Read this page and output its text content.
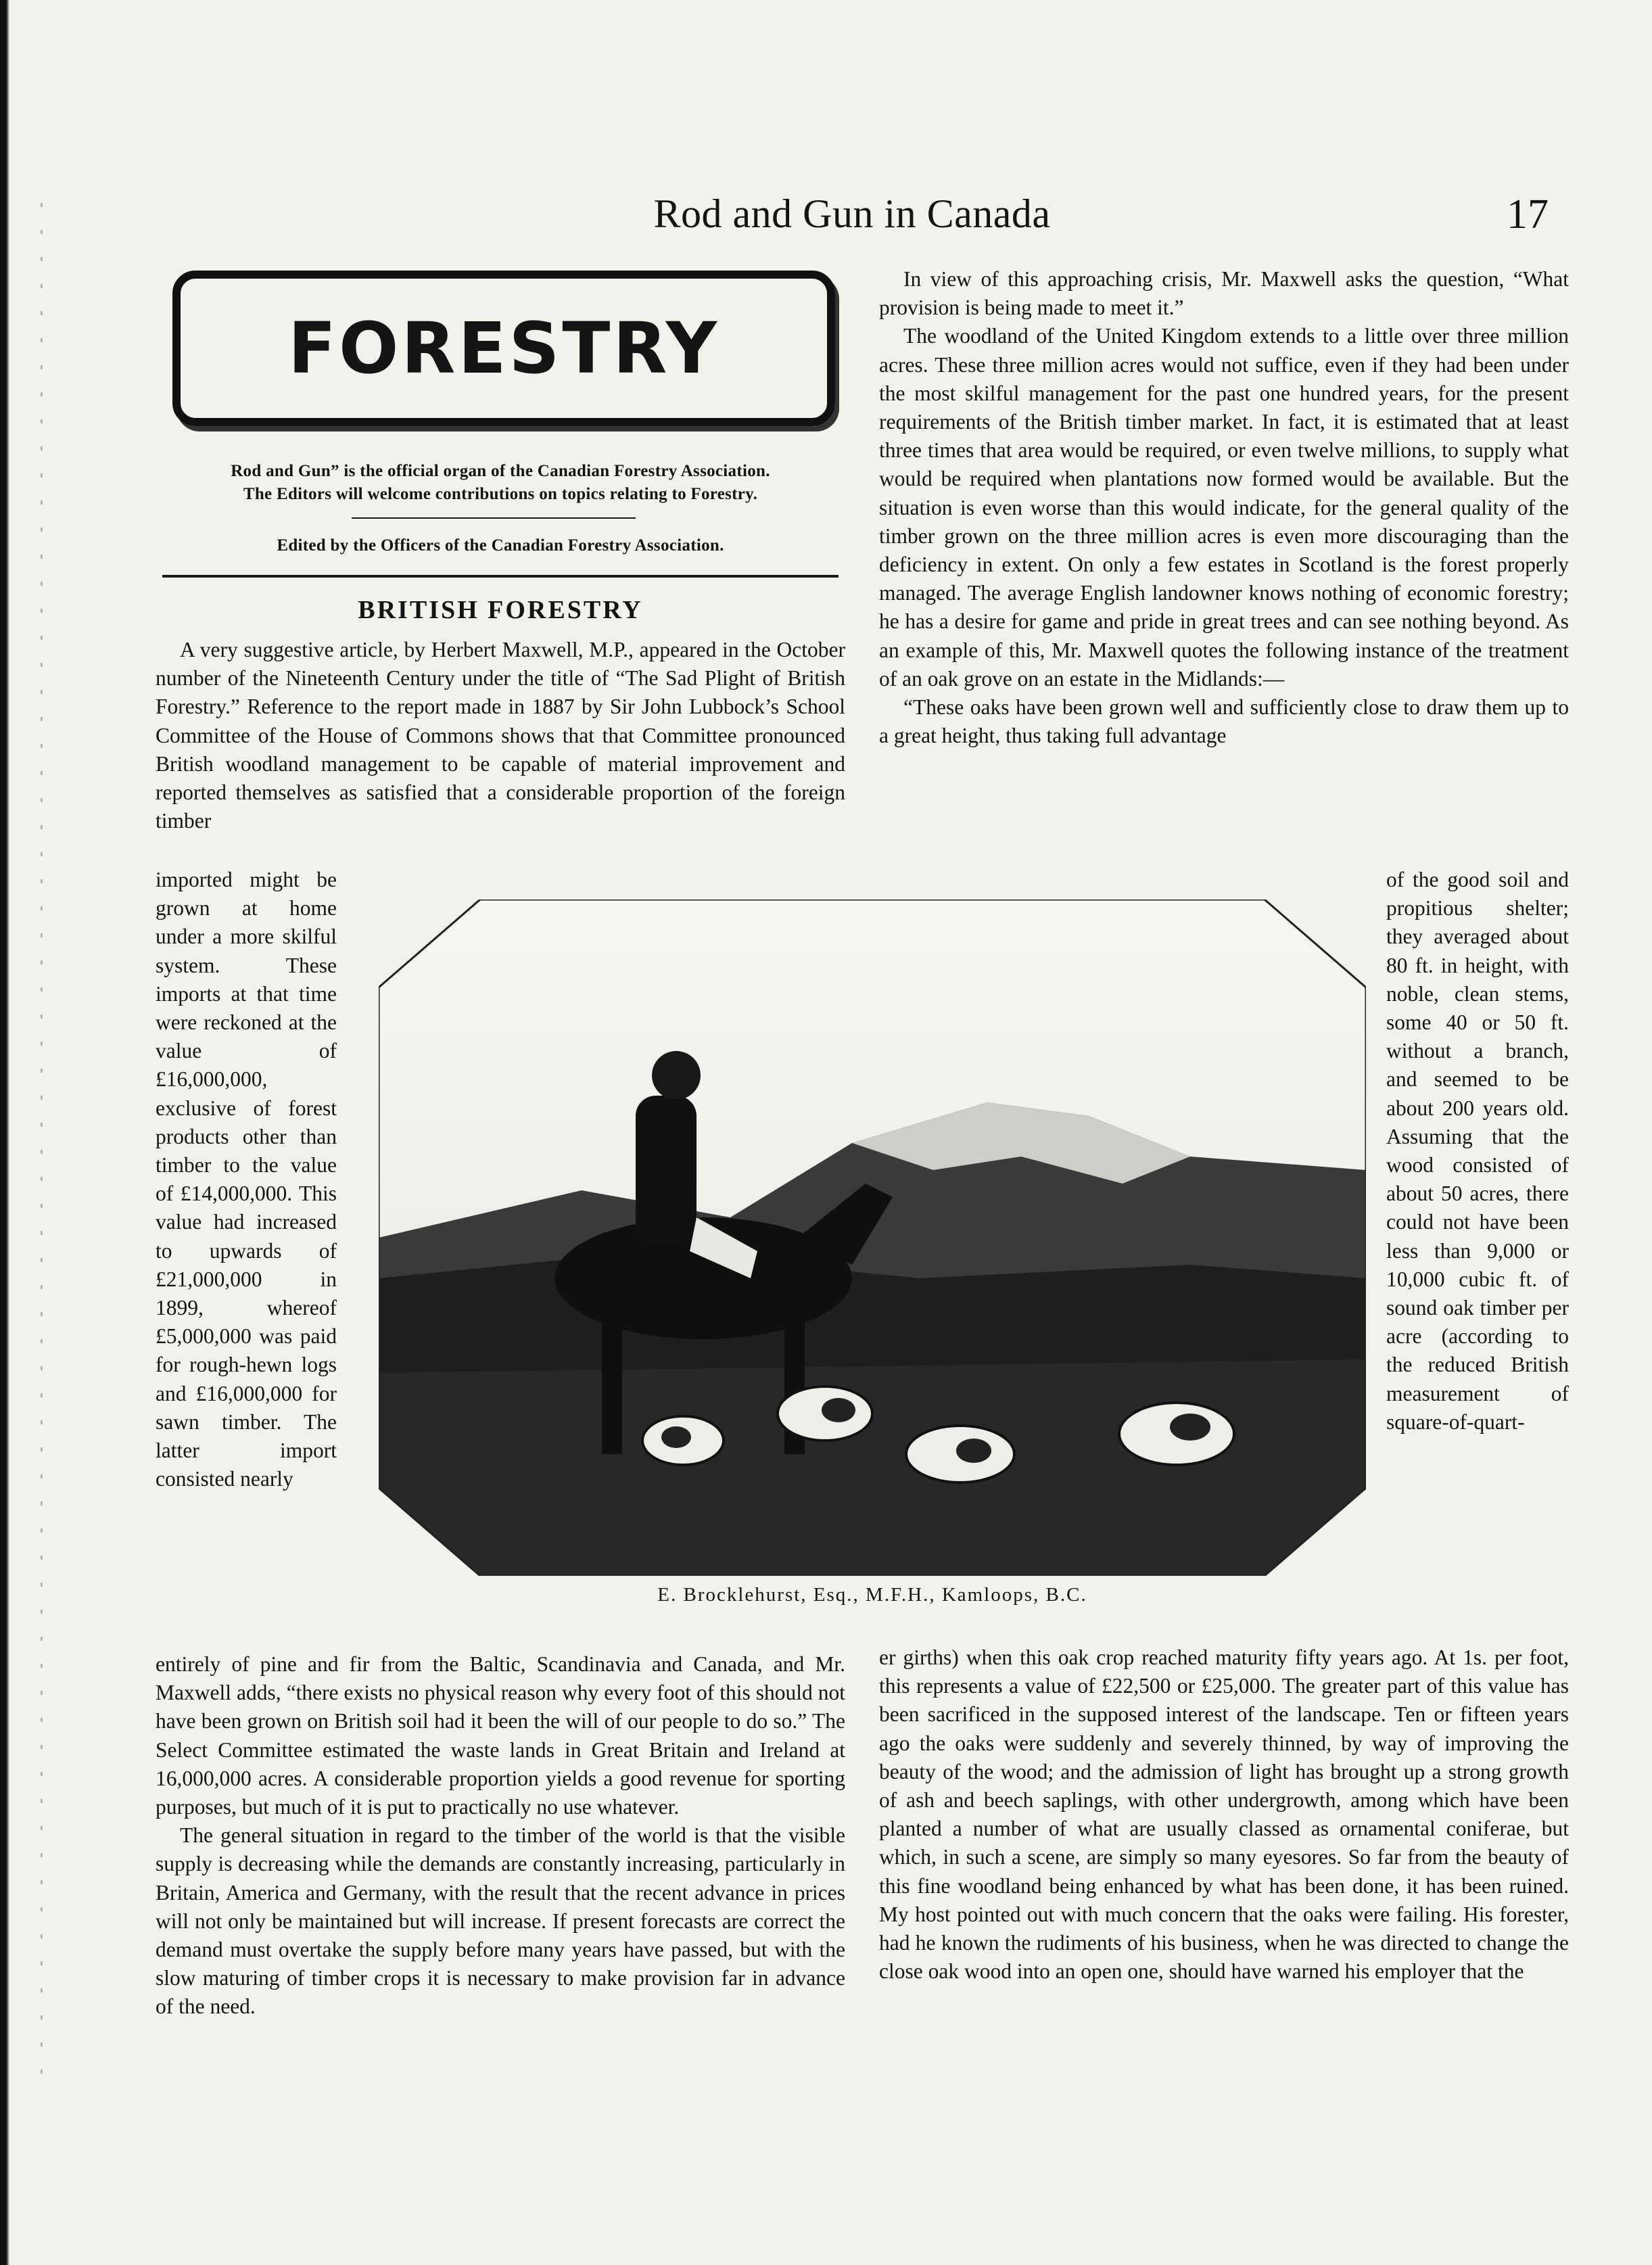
Rod and Gun in Canada	17
FORESTRY
Rod and Gun” is the official organ of the Canadian Forestry Association.
The Editors will welcome contributions on topics relating to Forestry.
Edited by the Officers of the Canadian Forestry Association.
BRITISH FORESTRY

A very suggestive article, by Herbert Maxwell, M.P., appeared in the October number of the Nineteenth Century under the title of “The Sad Plight of British Forestry.” Reference to the report made in 1887 by Sir John Lubbock’s School Committee of the House of Commons shows that that Committee pronounced British woodland management to be capable of material improvement and reported themselves as satisfied that a considerable proportion of the foreign timber

imported might be grown at home under a more skilful system. These imports at that time were reckoned at the value of £16,000,000, exclusive of forest products other than timber to the value of £14,000,000. This value had increased to upwards of £21,000,000 in 1899, whereof £5,000,000 was paid for rough-hewn logs and £16,000,000 for sawn timber. The latter import consisted nearly

E. Brocklehurst, Esq., M.F.H., Kamloops, B.C.

entirely of pine and fir from the Baltic, Scandinavia and Canada, and Mr. Maxwell adds, “there exists no physical reason why every foot of this should not have been grown on British soil had it been the will of our people to do so.” The Select Committee estimated the waste lands in Great Britain and Ireland at 16,000,000 acres. A considerable proportion yields a good revenue for sporting purposes, but much of it is put to practically no use whatever.

The general situation in regard to the timber of the world is that the visible supply is decreasing while the demands are constantly increasing, particularly in Britain, America and Germany, with the result that the recent advance in prices will not only be maintained but will increase. If present forecasts are correct the demand must overtake the supply before many years have passed, but with the slow maturing of timber crops it is necessary to make provision far in advance of the need.

In view of this approaching crisis, Mr. Maxwell asks the question, “What provision is being made to meet it.”

The woodland of the United Kingdom extends to a little over three million acres. These three million acres would not suffice, even if they had been under the most skilful management for the past one hundred years, for the present requirements of the British timber market. In fact, it is estimated that at least three times that area would be required, or even twelve millions, to supply what would be required when plantations now formed would be available. But the situation is even worse than this would indicate, for the general quality of the timber grown on the three million acres is even more discouraging than the deficiency in extent. On only a few estates in Scotland is the forest properly managed. The average English landowner knows nothing of economic forestry; he has a desire for game and pride in great trees and can see nothing beyond. As an example of this, Mr. Maxwell quotes the following instance of the treatment of an oak grove on an estate in the Midlands:—

“These oaks have been grown well and sufficiently close to draw them up to a great height, thus taking full advantage

of the good soil and propitious shelter; they averaged about 80 ft. in height, with noble, clean stems, some 40 or 50 ft. without a branch, and seemed to be about 200 years old. Assuming that the wood consisted of about 50 acres, there could not have been less than 9,000 or 10,000 cubic ft. of sound oak timber per acre (according to the reduced British measurement of square-of-quart-

er girths) when this oak crop reached maturity fifty years ago. At 1s. per foot, this represents a value of £22,500 or £25,000. The greater part of this value has been sacrificed in the supposed interest of the landscape. Ten or fifteen years ago the oaks were suddenly and severely thinned, by way of improving the beauty of the wood; and the admission of light has brought up a strong growth of ash and beech saplings, with other undergrowth, among which have been planted a number of what are usually classed as ornamental coniferae, but which, in such a scene, are simply so many eyesores. So far from the beauty of this fine woodland being enhanced by what has been done, it has been ruined. My host pointed out with much concern that the oaks were failing. His forester, had he known the rudiments of his business, when he was directed to change the close oak wood into an open one, should have warned his employer that the
